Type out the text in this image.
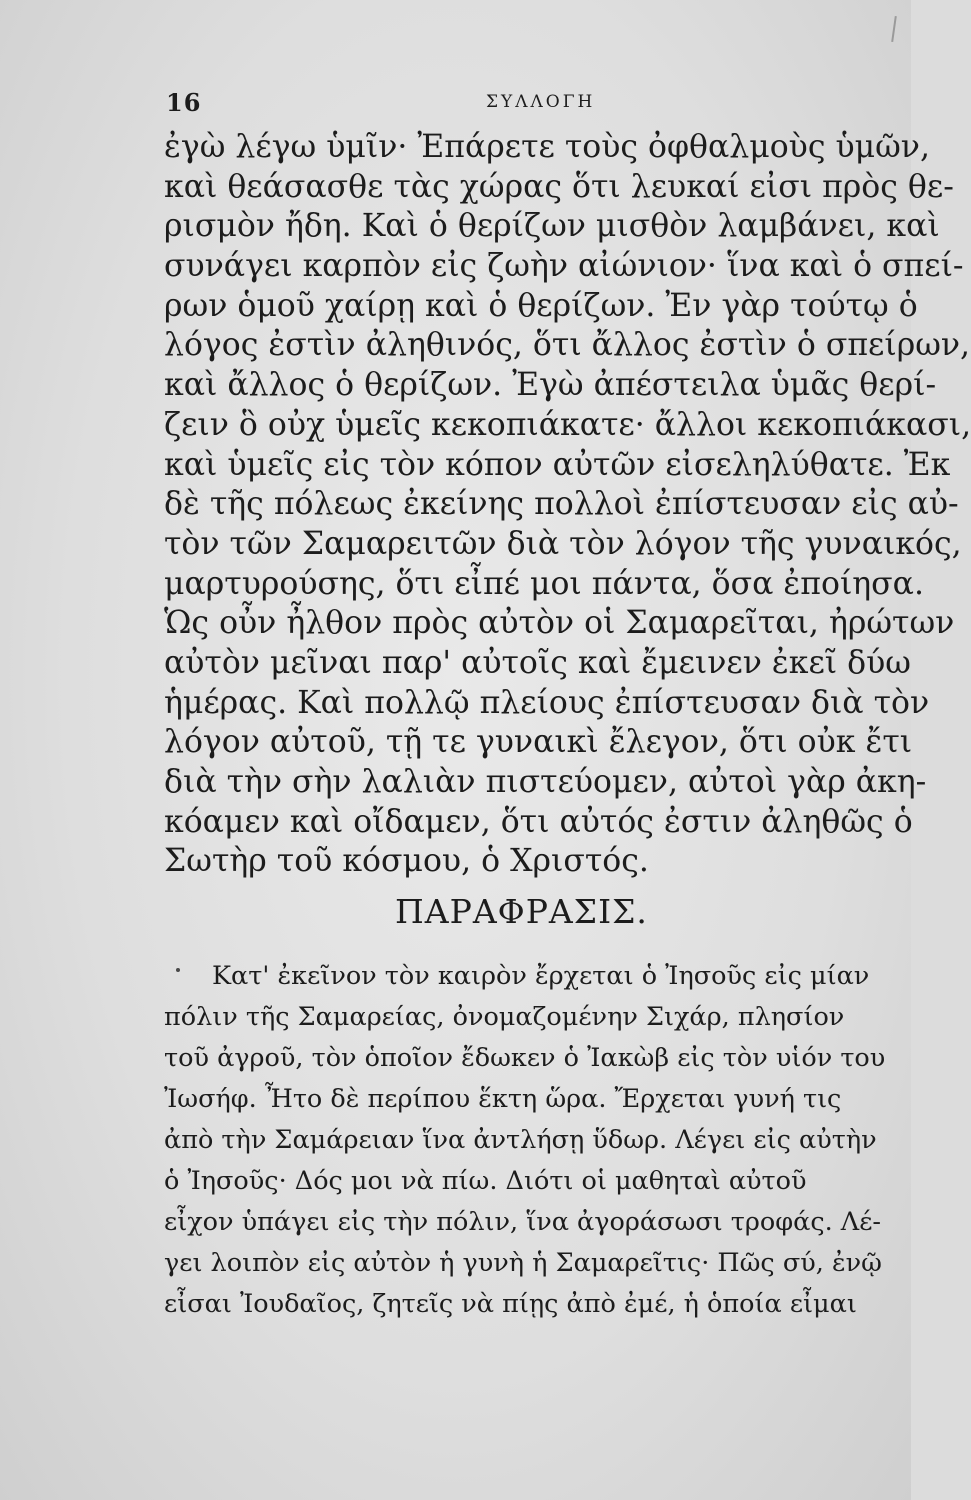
16	ΣΥΛΛΟΓΗ
ἐγὼ λέγω ὑμῖν· Ἐπάρετε τοὺς ὀφθαλμοὺς ὑμῶν,
καὶ θεάσασθε τὰς χώρας ὅτι λευκαί εἰσι πρὸς θε-
ρισμὸν ἤδη. Καὶ ὁ θερίζων μισθὸν λαμβάνει, καὶ
συνάγει καρπὸν εἰς ζωὴν αἰώνιον· ἵνα καὶ ὁ σπεί-
ρων ὁμοῦ χαίρῃ καὶ ὁ θερίζων. Ἐν γὰρ τούτῳ ὁ
λόγος ἐστὶν ἀληθινός, ὅτι ἄλλος ἐστὶν ὁ σπείρων,
καὶ ἄλλος ὁ θερίζων. Ἐγὼ ἀπέστειλα ὑμᾶς θερί-
ζειν ὃ οὐχ ὑμεῖς κεκοπιάκατε· ἄλλοι κεκοπιάκασι,
καὶ ὑμεῖς εἰς τὸν κόπον αὐτῶν εἰσεληλύθατε. Ἐκ
δὲ τῆς πόλεως ἐκείνης πολλοὶ ἐπίστευσαν εἰς αὐ-
τὸν τῶν Σαμαρειτῶν διὰ τὸν λόγον τῆς γυναικός,
μαρτυρούσης, ὅτι εἶπέ μοι πάντα, ὅσα ἐποίησα.
Ὡς οὖν ἦλθον πρὸς αὐτὸν οἱ Σαμαρεῖται, ἠρώτων
αὐτὸν μεῖναι παρ' αὐτοῖς καὶ ἔμεινεν ἐκεῖ δύω
ἡμέρας. Καὶ πολλῷ πλείους ἐπίστευσαν διὰ τὸν
λόγον αὐτοῦ, τῇ τε γυναικὶ ἔλεγον, ὅτι οὐκ ἔτι
διὰ τὴν σὴν λαλιὰν πιστεύομεν, αὐτοὶ γὰρ ἀκη-
κόαμεν καὶ οἴδαμεν, ὅτι αὐτός ἐστιν ἀληθῶς ὁ
Σωτὴρ τοῦ κόσμου, ὁ Χριστός.
ΠΑΡΑΦΡΑΣΙΣ.
Κατ' ἐκεῖνον τὸν καιρὸν ἔρχεται ὁ Ἰησοῦς εἰς μίαν
πόλιν τῆς Σαμαρείας, ὀνομαζομένην Σιχάρ, πλησίον
τοῦ ἀγροῦ, τὸν ὁποῖον ἔδωκεν ὁ Ἰακὼβ εἰς τὸν υἱόν του
Ἰωσήφ. Ἦτο δὲ περίπου ἕκτη ὥρα. Ἔρχεται γυνή τις
ἀπὸ τὴν Σαμάρειαν ἵνα ἀντλήσῃ ὕδωρ. Λέγει εἰς αὐτὴν
ὁ Ἰησοῦς· Δός μοι νὰ πίω. Διότι οἱ μαθηταὶ αὐτοῦ
εἶχον ὑπάγει εἰς τὴν πόλιν, ἵνα ἀγοράσωσι τροφάς. Λέ-
γει λοιπὸν εἰς αὐτὸν ἡ γυνὴ ἡ Σαμαρεῖτις· Πῶς σύ, ἐνῷ
εἶσαι Ἰουδαῖος, ζητεῖς νὰ πίῃς ἀπὸ ἐμέ, ἡ ὁποία εἶμαι
